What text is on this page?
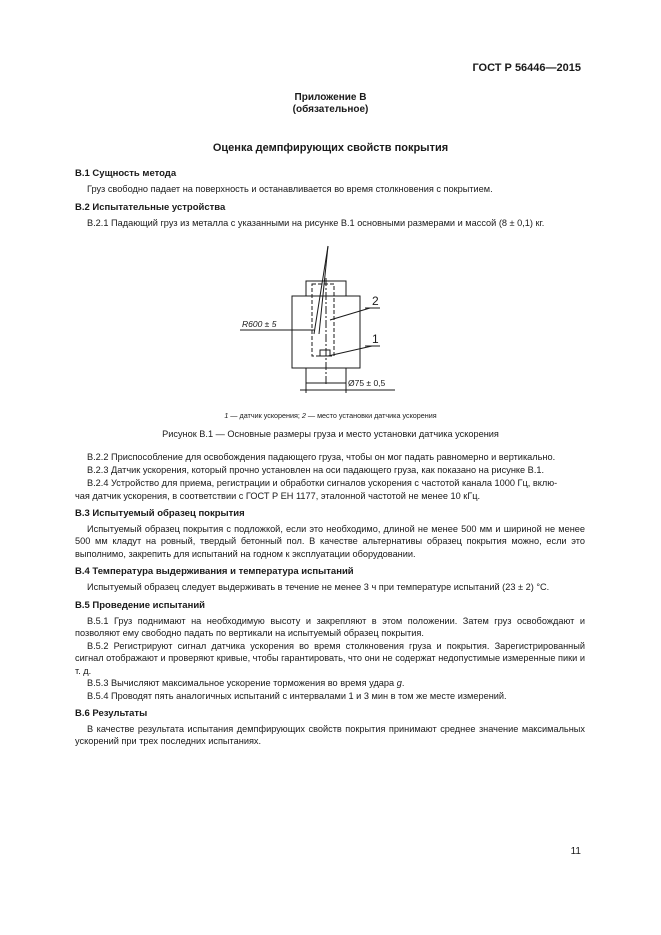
ГОСТ Р 56446—2015
Приложение В
(обязательное)
Оценка демпфирующих свойств покрытия
В.1 Сущность метода
Груз свободно падает на поверхность и останавливается во время столкновения с покрытием.
В.2 Испытательные устройства
В.2.1 Падающий груз из металла с указанными на рисунке В.1 основными размерами и массой (8 ± 0,1) кг.
R600 ± 5
Ø75 ± 0,5
1
2
1 — датчик ускорения; 2 — место установки датчика ускорения
Рисунок В.1 — Основные размеры груза и место установки датчика ускорения
В.2.2 Приспособление для освобождения падающего груза, чтобы он мог падать равномерно и вертикально.
В.2.3 Датчик ускорения, который прочно установлен на оси падающего груза, как показано на рисунке В.1.
В.2.4 Устройство для приема, регистрации и обработки сигналов ускорения с частотой канала 1000 Гц, вклю-
чая датчик ускорения, в соответствии с ГОСТ Р ЕН 1177, эталонной частотой не менее 10 кГц.
В.3 Испытуемый образец покрытия
Испытуемый образец покрытия с подложкой, если это необходимо, длиной не менее 500 мм и шириной не менее 500 мм кладут на ровный, твердый бетонный пол. В качестве альтернативы образец покрытия можно, если это выполнимо, закрепить для испытаний на годном к эксплуатации оборудовании.
В.4 Температура выдерживания и температура испытаний
Испытуемый образец следует выдерживать в течение не менее 3 ч при температуре испытаний (23 ± 2) °С.
В.5 Проведение испытаний
В.5.1 Груз поднимают на необходимую высоту и закрепляют в этом положении. Затем груз освобождают и позволяют ему свободно падать по вертикали на испытуемый образец покрытия.
В.5.2 Регистрируют сигнал датчика ускорения во время столкновения груза и покрытия. Зарегистрированный сигнал отображают и проверяют кривые, чтобы гарантировать, что они не содержат недопустимые измеренные пики и т. д.
В.5.3 Вычисляют максимальное ускорение торможения во время удара g.
В.5.4 Проводят пять аналогичных испытаний с интервалами 1 и 3 мин в том же месте измерений.
В.6 Результаты
В качестве результата испытания демпфирующих свойств покрытия принимают среднее значение максимальных ускорений при трех последних испытаниях.
11
